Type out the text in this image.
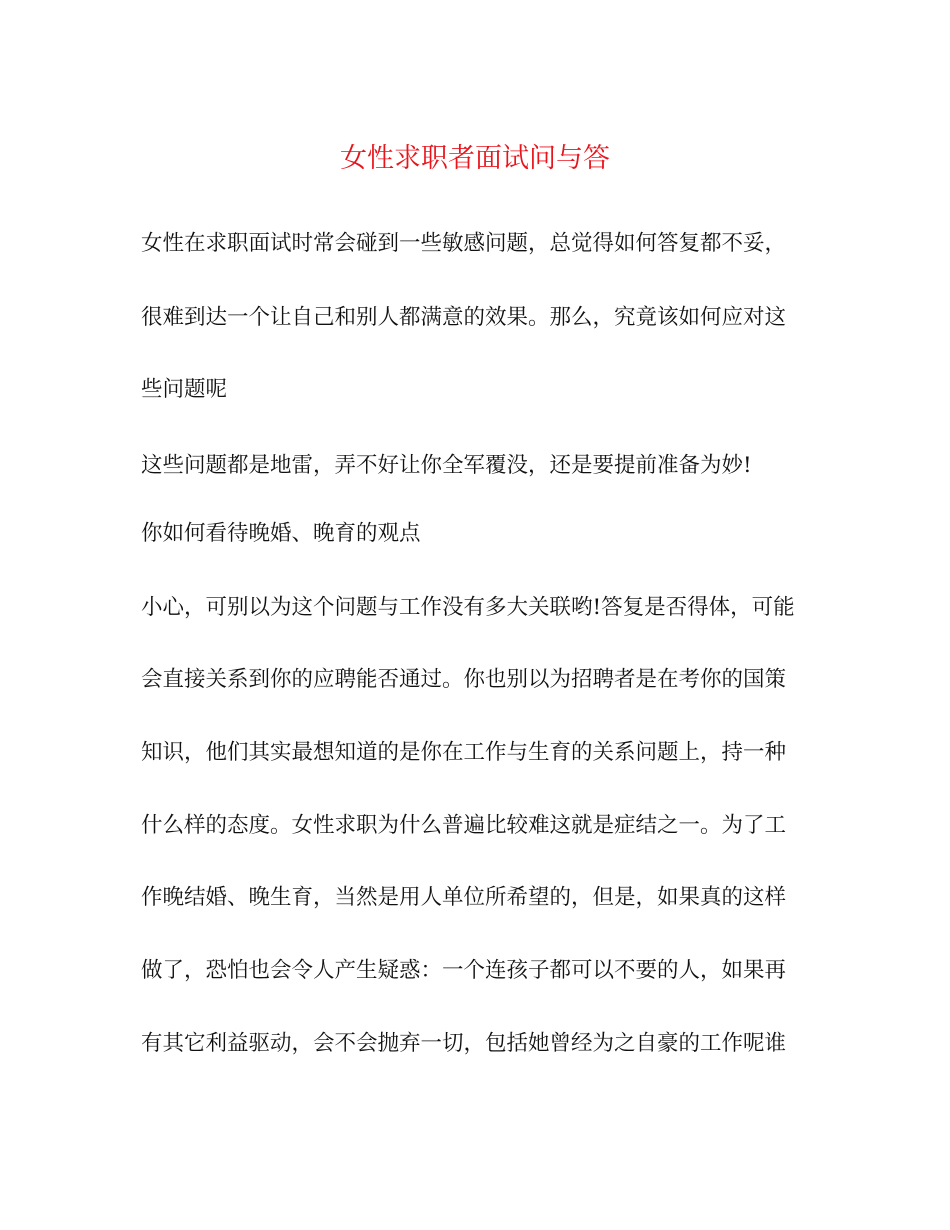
女性求职者面试问与答
女性在求职面试时常会碰到一些敏感问题，总觉得如何答复都不妥，
很难到达一个让自己和别人都满意的效果。那么，究竟该如何应对这
些问题呢
这些问题都是地雷，弄不好让你全军覆没，还是要提前准备为妙!
你如何看待晚婚、晚育的观点
小心，可别以为这个问题与工作没有多大关联哟!答复是否得体，可能
会直接关系到你的应聘能否通过。你也别以为招聘者是在考你的国策
知识，他们其实最想知道的是你在工作与生育的关系问题上，持一种
什么样的态度。女性求职为什么普遍比较难这就是症结之一。为了工
作晚结婚、晚生育，当然是用人单位所希望的，但是，如果真的这样
做了，恐怕也会令人产生疑惑：一个连孩子都可以不要的人，如果再
有其它利益驱动，会不会抛弃一切，包括她曾经为之自豪的工作呢谁
